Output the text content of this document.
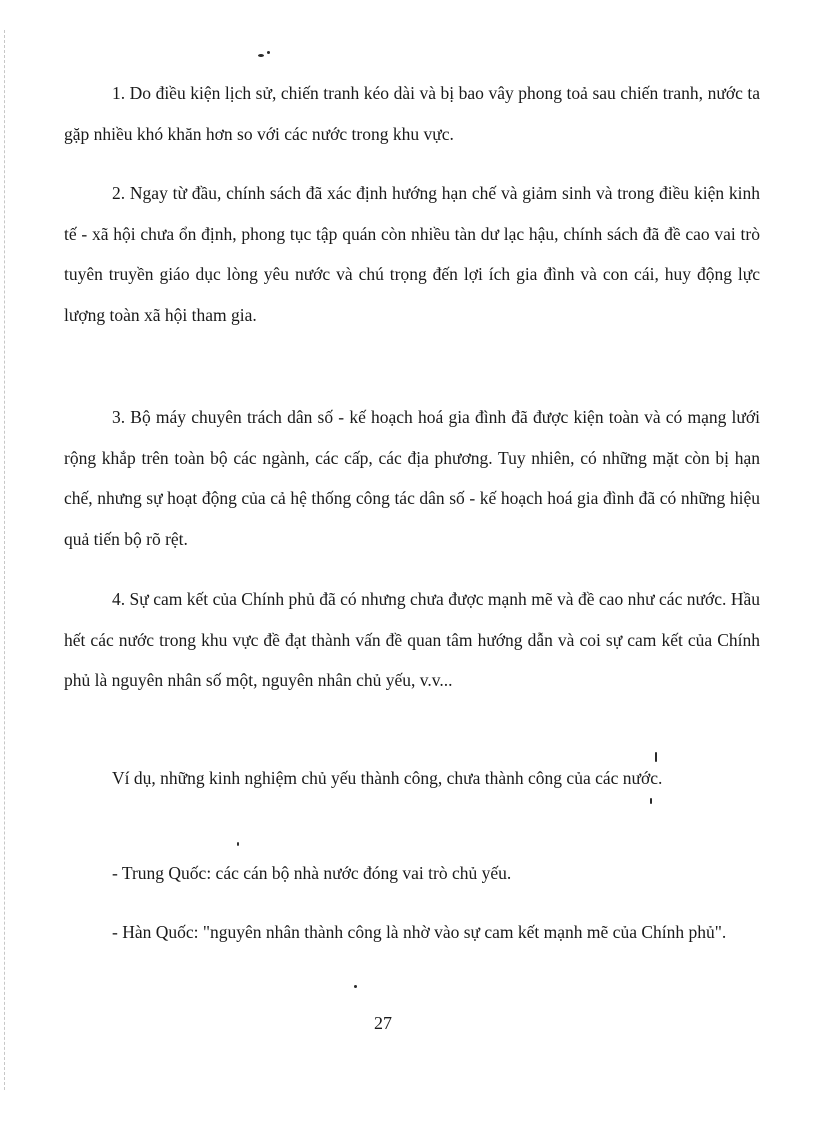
1. Do điều kiện lịch sử, chiến tranh kéo dài và bị bao vây phong toả sau chiến tranh, nước ta gặp nhiều khó khăn hơn so với các nước trong khu vực.

2. Ngay từ đầu, chính sách đã xác định hướng hạn chế và giảm sinh và trong điều kiện kinh tế - xã hội chưa ổn định, phong tục tập quán còn nhiều tàn dư lạc hậu, chính sách đã đề cao vai trò tuyên truyền giáo dục lòng yêu nước và chú trọng đến lợi ích gia đình và con cái, huy động lực lượng toàn xã hội tham gia.

3. Bộ máy chuyên trách dân số - kế hoạch hoá gia đình đã được kiện toàn và có mạng lưới rộng khắp trên toàn bộ các ngành, các cấp, các địa phương. Tuy nhiên, có những mặt còn bị hạn chế, nhưng sự hoạt động của cả hệ thống công tác dân số - kế hoạch hoá gia đình đã có những hiệu quả tiến bộ rõ rệt.

4. Sự cam kết của Chính phủ đã có nhưng chưa được mạnh mẽ và đề cao như các nước. Hầu hết các nước trong khu vực đề đạt thành vấn đề quan tâm hướng dẫn và coi sự cam kết của Chính phủ là nguyên nhân số một, nguyên nhân chủ yếu, v.v...

Ví dụ, những kinh nghiệm chủ yếu thành công, chưa thành công của các nước.

- Trung Quốc: các cán bộ nhà nước đóng vai trò chủ yếu.

- Hàn Quốc: "nguyên nhân thành công là nhờ vào sự cam kết mạnh mẽ của Chính phủ".

27
